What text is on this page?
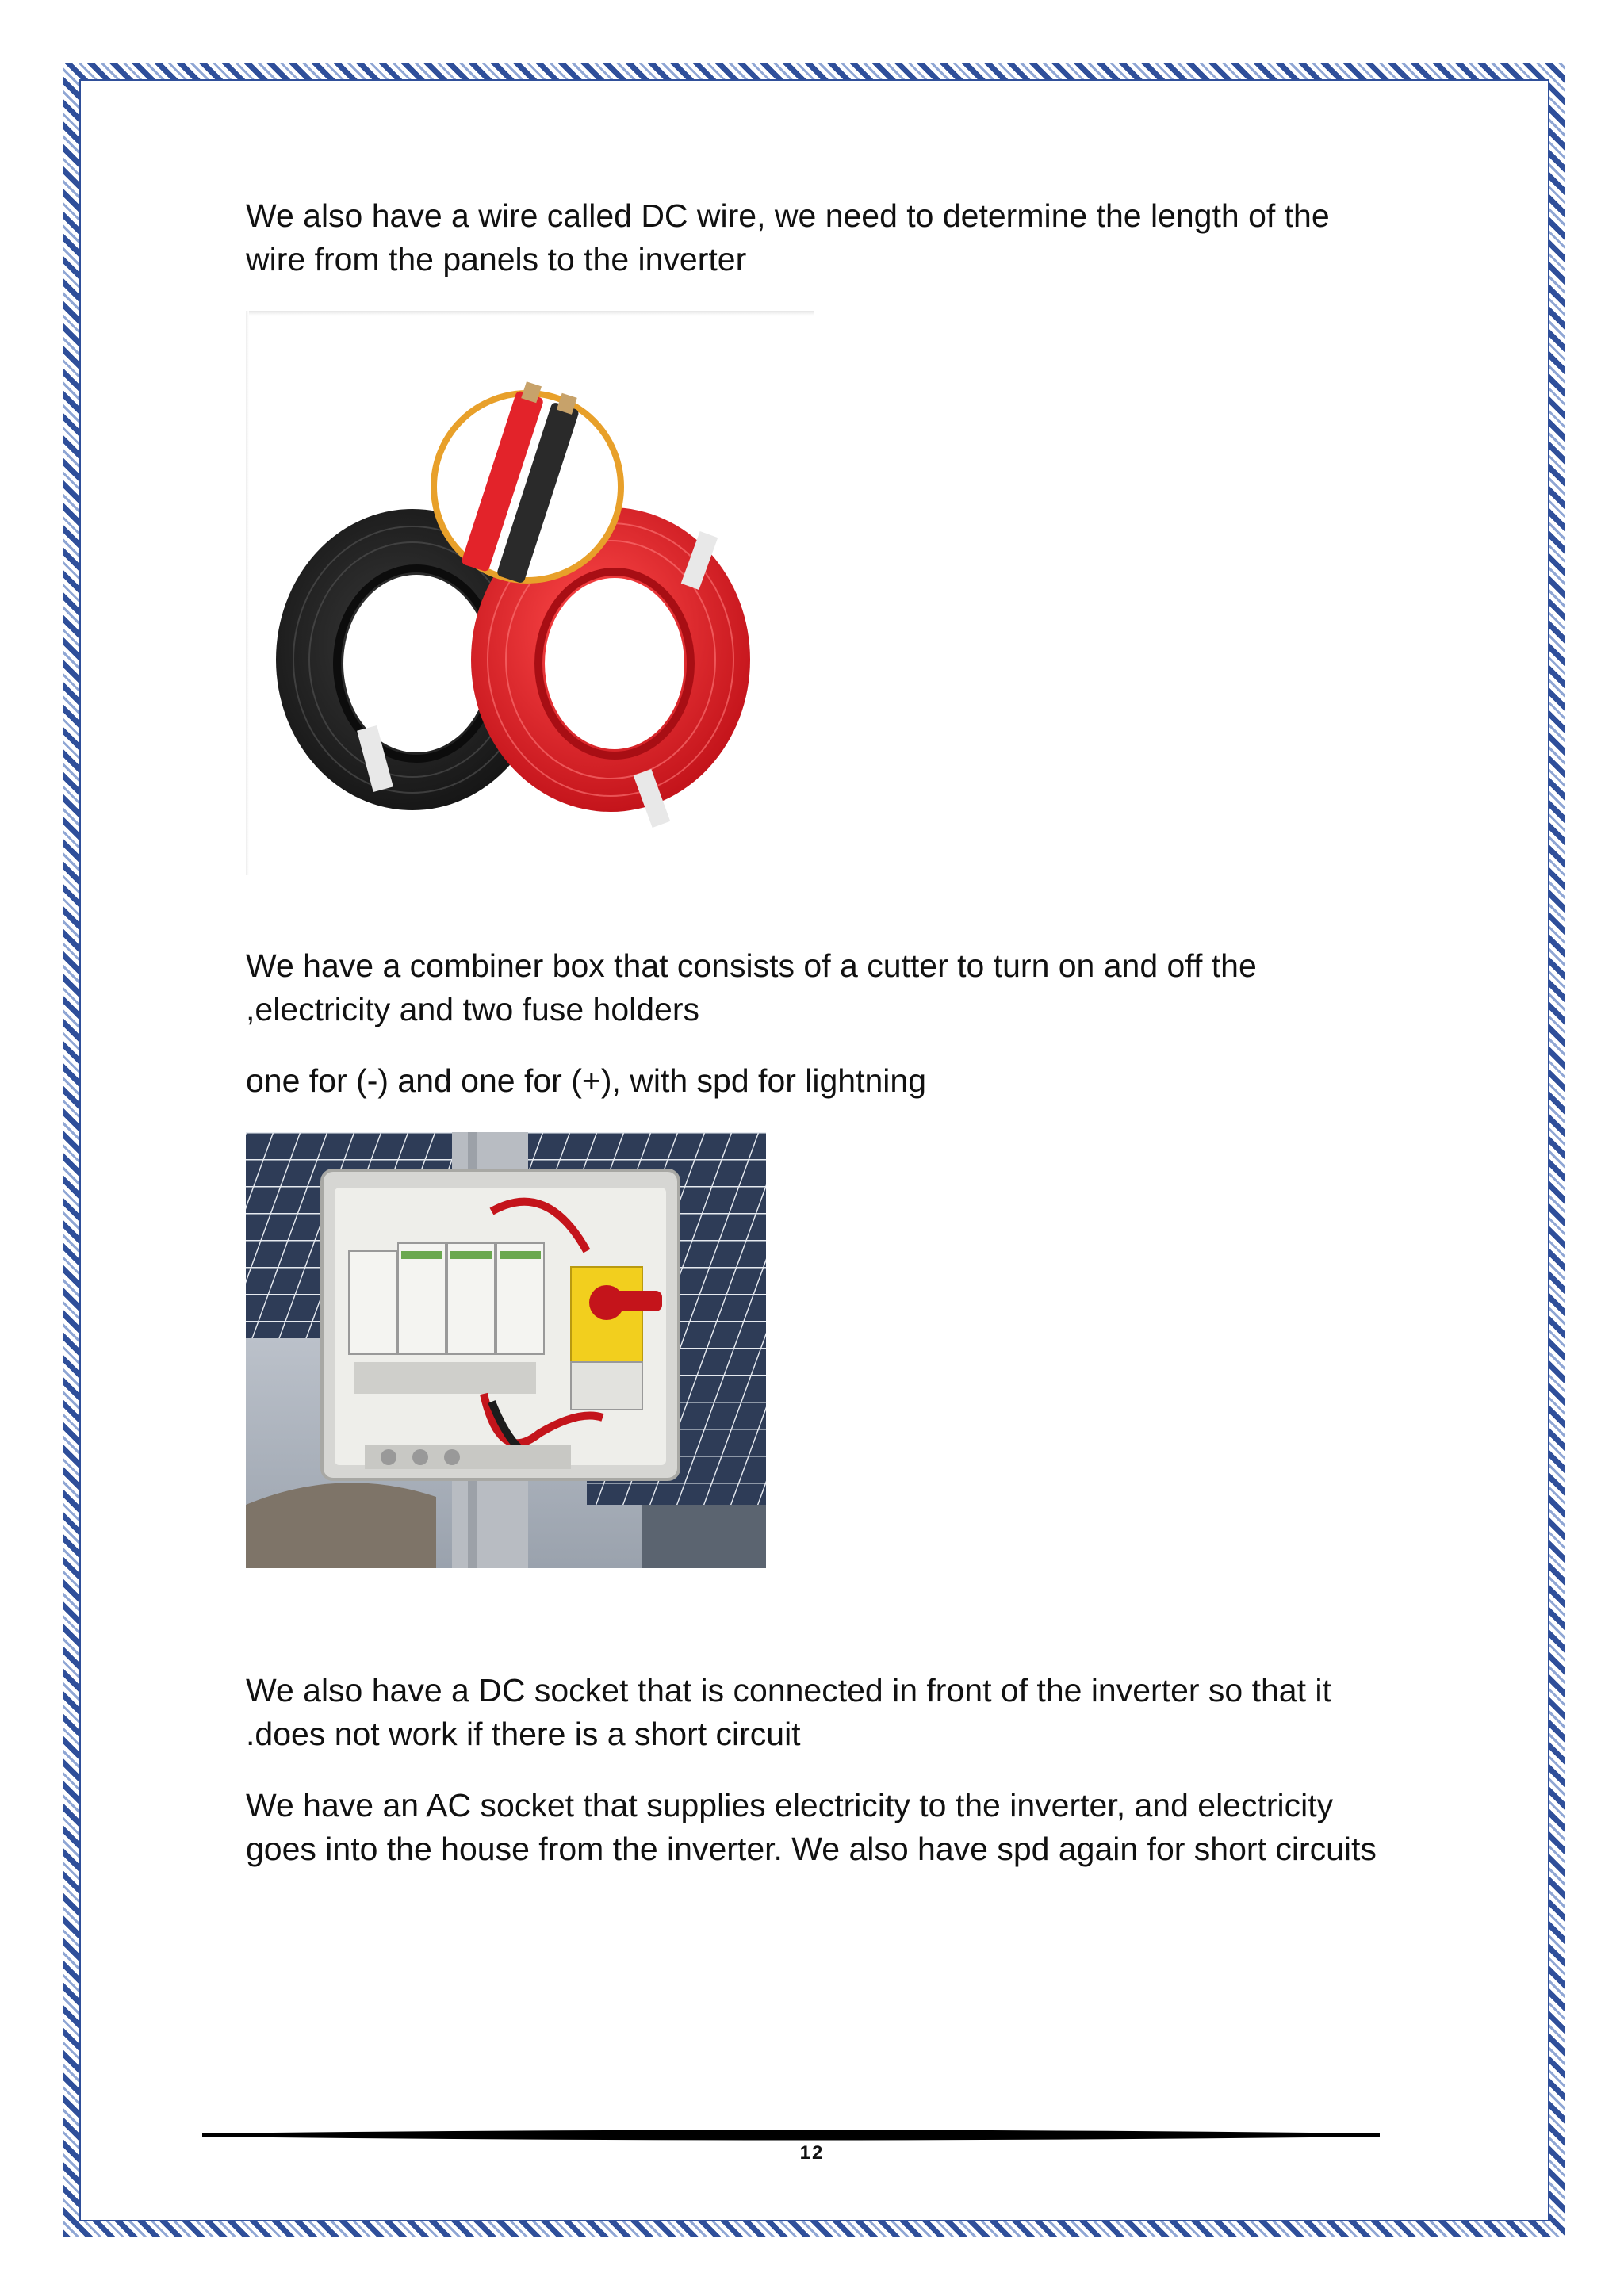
We also have a wire called DC wire, we need to determine the length of the wire from the panels to the inverter

We have a combiner box that consists of a cutter to turn on and off the ,electricity and two fuse holders

one for (-) and one for (+), with spd for lightning

We also have a DC socket that is connected in front of the inverter so that it .does not work if there is a short circuit

We have an AC socket that supplies electricity to the inverter, and electricity goes into the house from the inverter. We also have spd again for short circuits

12
